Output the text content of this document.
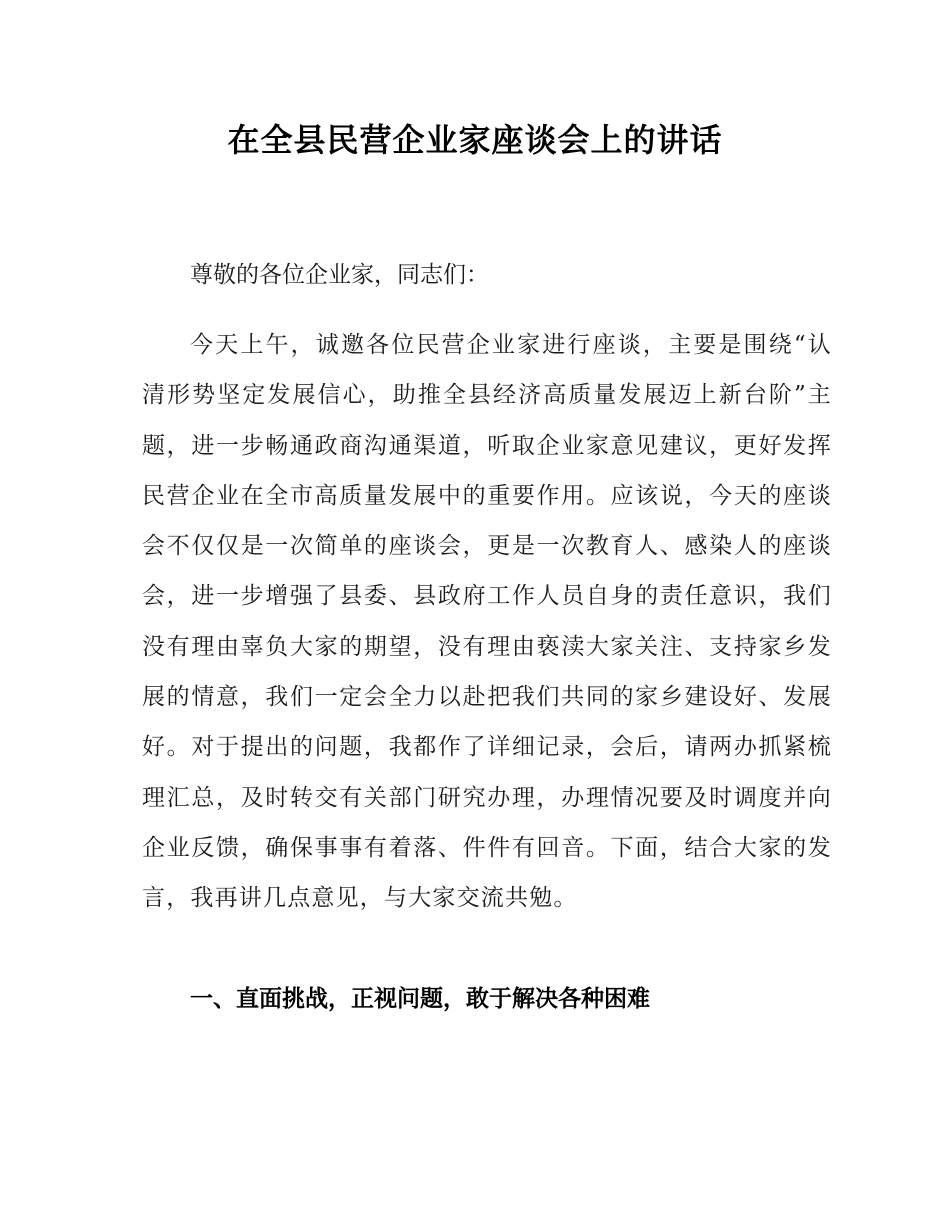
在全县民营企业家座谈会上的讲话
尊敬的各位企业家，同志们：
今天上午，诚邀各位民营企业家进行座谈，主要是围绕“认清形势坚定发展信心，助推全县经济高质量发展迈上新台阶”主题，进一步畅通政商沟通渠道，听取企业家意见建议，更好发挥民营企业在全市高质量发展中的重要作用。应该说，今天的座谈会不仅仅是一次简单的座谈会，更是一次教育人、感染人的座谈会，进一步增强了县委、县政府工作人员自身的责任意识，我们没有理由辜负大家的期望，没有理由亵渎大家关注、支持家乡发展的情意，我们一定会全力以赴把我们共同的家乡建设好、发展好。对于提出的问题，我都作了详细记录，会后，请两办抓紧梳理汇总，及时转交有关部门研究办理，办理情况要及时调度并向企业反馈，确保事事有着落、件件有回音。下面，结合大家的发言，我再讲几点意见，与大家交流共勉。
一、直面挑战，正视问题，敢于解决各种困难
